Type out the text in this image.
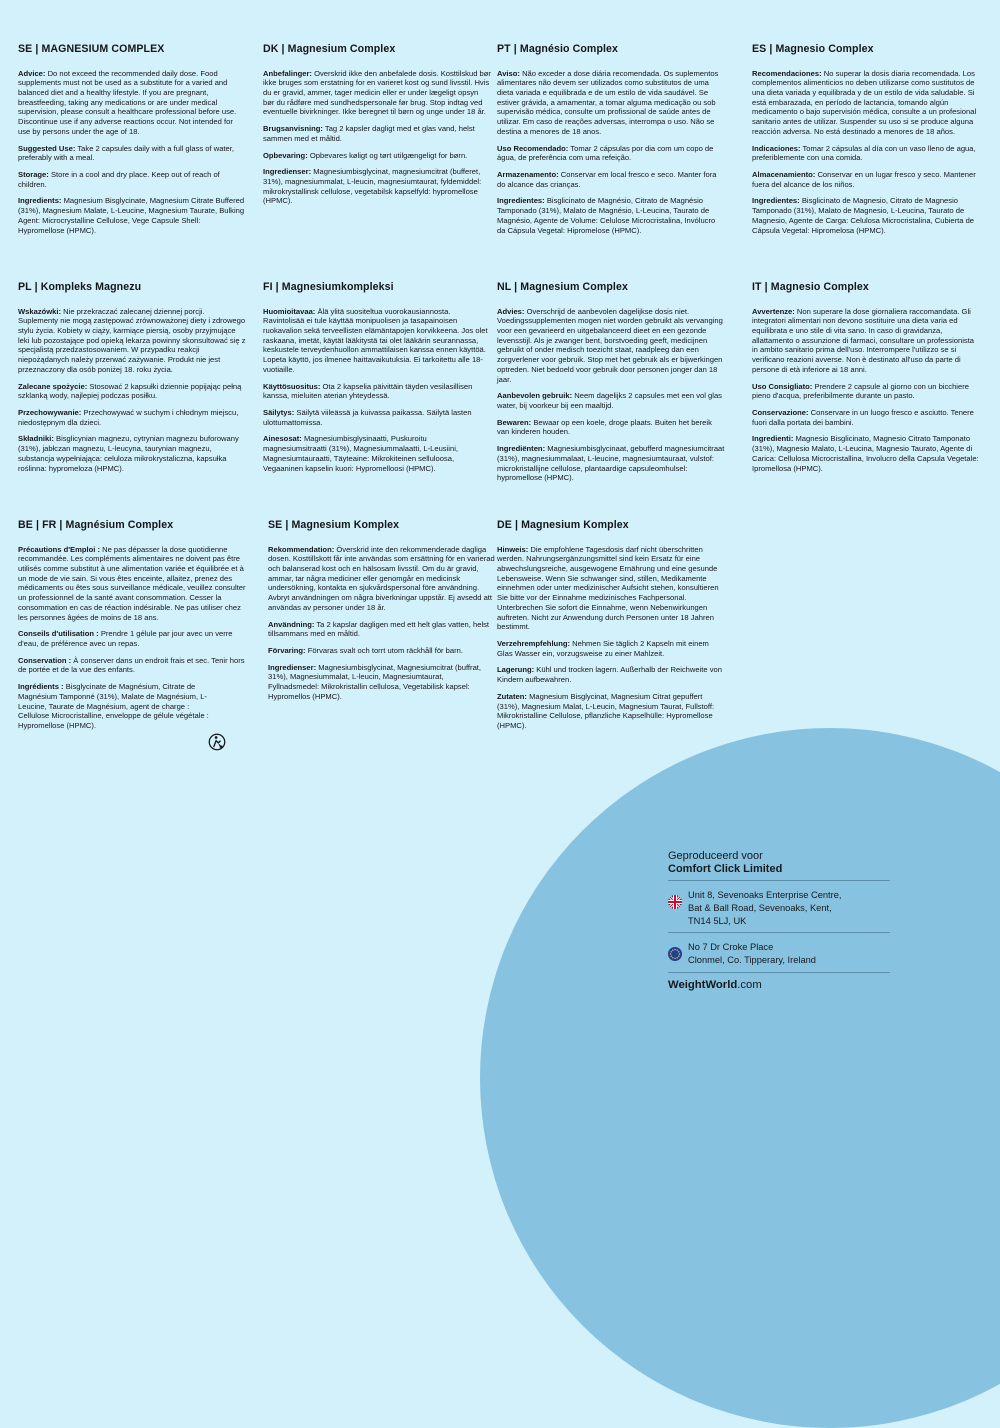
SE | MAGNESIUM COMPLEX

Advice: Do not exceed the recommended daily dose. Food supplements must not be used as a substitute for a varied and balanced diet and a healthy lifestyle. If you are pregnant, breastfeeding, taking any medications or are under medical supervision, please consult a healthcare professional before use. Discontinue use if any adverse reactions occur. Not intended for use by persons under the age of 18.

Suggested Use: Take 2 capsules daily with a full glass of water, preferably with a meal.

Storage: Store in a cool and dry place. Keep out of reach of children.

Ingredients: Magnesium Bisglycinate, Magnesium Citrate Buffered (31%), Magnesium Malate, L-Leucine, Magnesium Taurate, Bulking Agent: Microcrystalline Cellulose, Vege Capsule Shell: Hypromellose (HPMC).

DK | Magnesium Complex

Anbefalinger: Overskrid ikke den anbefalede dosis. Kosttilskud bør ikke bruges som erstatning for en varieret kost og sund livsstil. Hvis du er gravid, ammer, tager medicin eller er under lægeligt opsyn bør du rådføre med sundhedspersonale før brug. Stop indtag ved eventuelle bivirkninger. Ikke beregnet til børn og unge under 18 år.

Brugsanvisning: Tag 2 kapsler dagligt med et glas vand, helst sammen med et måltid.

Opbevaring: Opbevares køligt og tørt utilgængeligt for børn.

Ingredienser: Magnesiumbisglycinat, magnesiumcitrat (bufferet, 31%), magnesiummalat, L-leucin, magnesiumtaurat, fyldemiddel: mikrokrystallinsk cellulose, vegetabilsk kapselfyld: hypromellose (HPMC).

PT | Magnésio Complex

Aviso: Não exceder a dose diária recomendada. Os suplementos alimentares não devem ser utilizados como substitutos de uma dieta variada e equilibrada e de um estilo de vida saudável. Se estiver grávida, a amamentar, a tomar alguma medicação ou sob supervisão médica, consulte um profissional de saúde antes de utilizar. Em caso de reações adversas, interrompa o uso. Não se destina a menores de 18 anos.

Uso Recomendado: Tomar 2 cápsulas por dia com um copo de água, de preferência com uma refeição.

Armazenamento: Conservar em local fresco e seco. Manter fora do alcance das crianças.

Ingredientes: Bisglicinato de Magnésio, Citrato de Magnésio Tamponado (31%), Malato de Magnésio, L-Leucina, Taurato de Magnésio, Agente de Volume: Celulose Microcristalina, Invólucro da Cápsula Vegetal: Hipromelose (HPMC).

ES | Magnesio Complex

Recomendaciones: No superar la dosis diaria recomendada. Los complementos alimenticios no deben utilizarse como sustitutos de una dieta variada y equilibrada y de un estilo de vida saludable. Si está embarazada, en período de lactancia, tomando algún medicamento o bajo supervisión médica, consulte a un profesional sanitario antes de utilizar. Suspender su uso si se produce alguna reacción adversa. No está destinado a menores de 18 años.

Indicaciones: Tomar 2 cápsulas al día con un vaso lleno de agua, preferiblemente con una comida.

Almacenamiento: Conservar en un lugar fresco y seco. Mantener fuera del alcance de los niños.

Ingredientes: Bisglicinato de Magnesio, Citrato de Magnesio Tamponado (31%), Malato de Magnesio, L-Leucina, Taurato de Magnesio, Agente de Carga: Celulosa Microcristalina, Cubierta de Cápsula Vegetal: Hipromelosa (HPMC).

PL | Kompleks Magnezu

Wskazówki: Nie przekraczać zalecanej dziennej porcji. Suplementy nie mogą zastępować zrównoważonej diety i zdrowego stylu życia. Kobiety w ciąży, karmiące piersią, osoby przyjmujące leki lub pozostające pod opieką lekarza powinny skonsultować się z specjalistą przedzastosowaniem. W przypadku reakcji niepożądanych należy przerwać zażywanie. Produkt nie jest przeznaczony dla osób poniżej 18. roku życia.

Zalecane spożycie: Stosować 2 kapsułki dziennie popijając pełną szklanką wody, najlepiej podczas posiłku.

Przechowywanie: Przechowywać w suchym i chłodnym miejscu, niedostępnym dla dzieci.

Składniki: Bisglicynian magnezu, cytrynian magnezu buforowany (31%), jabłczan magnezu, L-leucyna, taurynian magnezu, substancja wypełniająca: celuloza mikrokrystaliczna, kapsułka roślinna: hypromeloza (HPMC).

FI | Magnesiumkompleksi

Huomioitavaa: Älä ylitä suositeltua vuorokausiannosta. Ravintolisää ei tule käyttää monipuolisen ja tasapainoisen ruokavalion sekä terveellisten elämäntapojen korvikkeena. Jos olet raskaana, imetät, käytät lääkitystä tai olet lääkärin seurannassa, keskustele terveydenhuollon ammattilaisen kanssa ennen käyttöä. Lopeta käyttö, jos ilmenee haittavaikutuksia. Ei tarkoitettu alle 18-vuotiaille.

Käyttösuositus: Ota 2 kapselia päivittäin täyden vesilasillisen kanssa, mieluiten aterian yhteydessä.

Säilytys: Säilytä viileässä ja kuivassa paikassa. Säilytä lasten ulottumattomissa.

Ainesosat: Magnesiumbisglysinaatti, Puskuroitu magnesiumsitraatti (31%), Magnesiummalaatti, L-Leusiini, Magnesiumtauraatti, Täyteaine: Mikrokiteinen selluloosa, Vegaaninen kapselin kuori: Hypromelloosi (HPMC).

NL | Magnesium Complex

Advies: Overschrijd de aanbevolen dagelijkse dosis niet. Voedingssupplementen mogen niet worden gebruikt als vervanging voor een gevarieerd en uitgebalanceerd dieet en een gezonde levensstijl. Als je zwanger bent, borstvoeding geeft, medicijnen gebruikt of onder medisch toezicht staat, raadpleeg dan een zorgverlener voor gebruik. Stop met het gebruik als er bijwerkingen optreden. Niet bedoeld voor gebruik door personen jonger dan 18 jaar.

Aanbevolen gebruik: Neem dagelijks 2 capsules met een vol glas water, bij voorkeur bij een maaltijd.

Bewaren: Bewaar op een koele, droge plaats. Buiten het bereik van kinderen houden.

Ingrediënten: Magnesiumbisglycinaat, gebufferd magnesiumcitraat (31%), magnesiummalaat, L-leucine, magnesiumtauraat, vulstof: microkristallijne cellulose, plantaardige capsuleomhulsel: hypromellose (HPMC).

IT | Magnesio Complex

Avvertenze: Non superare la dose giornaliera raccomandata. Gli integratori alimentari non devono sostituire una dieta varia ed equilibrata e uno stile di vita sano. In caso di gravidanza, allattamento o assunzione di farmaci, consultare un professionista in ambito sanitario prima dell'uso. Interrompere l'utilizzo se si verificano reazioni avverse. Non è destinato all'uso da parte di persone di età inferiore ai 18 anni.

Uso Consigliato: Prendere 2 capsule al giorno con un bicchiere pieno d'acqua, preferibilmente durante un pasto.

Conservazione: Conservare in un luogo fresco e asciutto. Tenere fuori dalla portata dei bambini.

Ingredienti: Magnesio Bisglicinato, Magnesio Citrato Tamponato (31%), Magnesio Malato, L-Leucina, Magnesio Taurato, Agente di Carica: Cellulosa Microcristallina, Involucro della Capsula Vegetale: Ipromellosa (HPMC).

BE | FR | Magnésium Complex

Précautions d'Emploi : Ne pas dépasser la dose quotidienne recommandée. Les compléments alimentaires ne doivent pas être utilisés comme substitut à une alimentation variée et équilibrée et à un mode de vie sain. Si vous êtes enceinte, allaitez, prenez des médicaments ou êtes sous surveillance médicale, veuillez consulter un professionnel de la santé avant consommation. Cesser la consommation en cas de réaction indésirable. Ne pas utiliser chez les personnes âgées de moins de 18 ans.

Conseils d'utilisation : Prendre 1 gélule par jour avec un verre d'eau, de préférence avec un repas.

Conservation : À conserver dans un endroit frais et sec. Tenir hors de portée et de la vue des enfants.

Ingrédients : Bisglycinate de Magnésium, Citrate de Magnésium Tamponné (31%), Malate de Magnésium, L-Leucine, Taurate de Magnésium, agent de charge : Cellulose Microcristalline, enveloppe de gélule végétale : Hypromellose (HPMC).

SE | Magnesium Komplex

Rekommendation: Överskrid inte den rekommenderade dagliga dosen. Kosttillskott får inte användas som ersättning för en varierad och balanserad kost och en hälsosam livsstil. Om du är gravid, ammar, tar några mediciner eller genomgår en medicinsk undersökning, kontakta en sjukvårdspersonal före användning. Avbryt användningen om några biverkningar uppstår. Ej avsedd att användas av personer under 18 år.

Användning: Ta 2 kapslar dagligen med ett helt glas vatten, helst tillsammans med en måltid.

Förvaring: Förvaras svalt och torrt utom räckhåll för barn.

Ingredienser: Magnesiumbisglycinat, Magnesiumcitrat (buffrat, 31%), Magnesiummalat, L-leucin, Magnesiumtaurat, Fyllnadsmedel: Mikrokristallin cellulosa, Vegetabilisk kapsel: Hypromellos (HPMC).

DE | Magnesium Komplex

Hinweis: Die empfohlene Tagesdosis darf nicht überschritten werden. Nahrungsergänzungsmittel sind kein Ersatz für eine abwechslungsreiche, ausgewogene Ernährung und eine gesunde Lebensweise. Wenn Sie schwanger sind, stillen, Medikamente einnehmen oder unter medizinischer Aufsicht stehen, konsultieren Sie bitte vor der Einnahme medizinisches Fachpersonal. Unterbrechen Sie sofort die Einnahme, wenn Nebenwirkungen auftreten. Nicht zur Anwendung durch Personen unter 18 Jahren bestimmt.

Verzehrempfehlung: Nehmen Sie täglich 2 Kapseln mit einem Glas Wasser ein, vorzugsweise zu einer Mahlzeit.

Lagerung: Kühl und trocken lagern. Außerhalb der Reichweite von Kindern aufbewahren.

Zutaten: Magnesium Bisglycinat, Magnesium Citrat gepuffert (31%), Magnesium Malat, L-Leucin, Magnesium Taurat, Fullstoff: Mikrokristalline Cellulose, pflanzliche Kapselhülle: Hypromellose (HPMC).

Geproduceerd voor
Comfort Click Limited
Unit 8, Sevenoaks Enterprise Centre,
Bat & Ball Road, Sevenoaks, Kent,
TN14 5LJ, UK
No 7 Dr Croke Place
Clonmel, Co. Tipperary, Ireland
WeightWorld.com
